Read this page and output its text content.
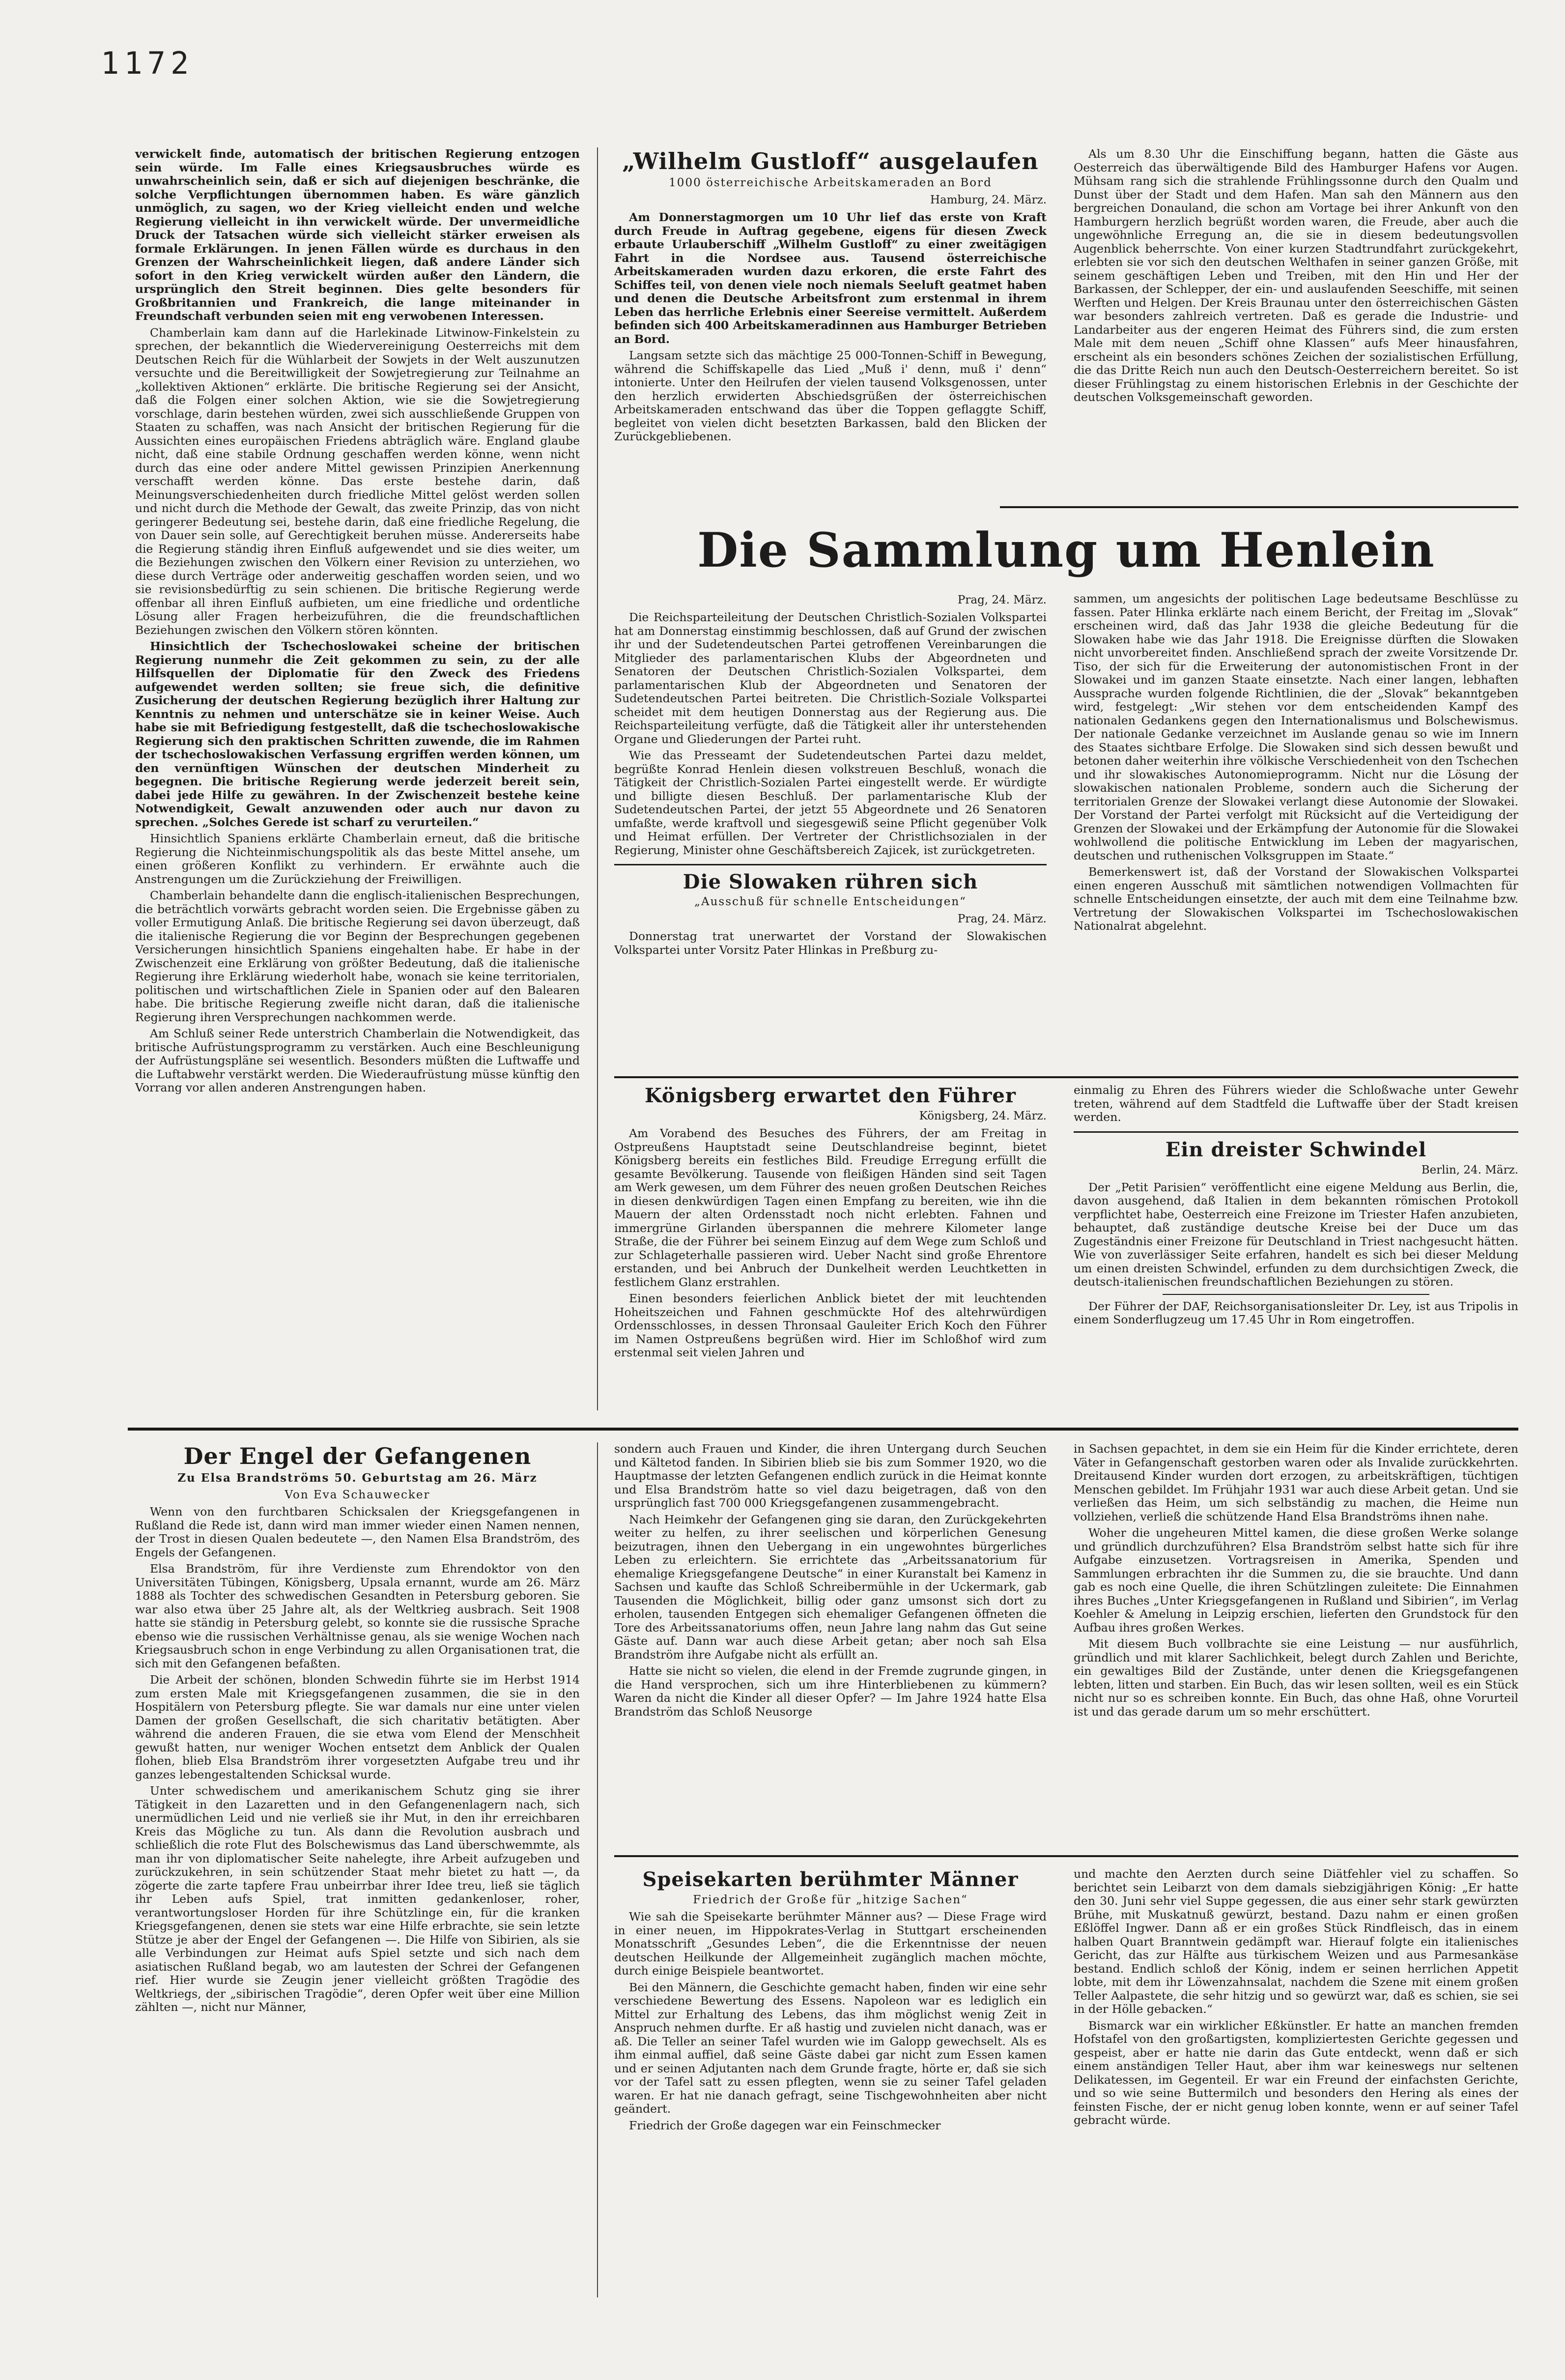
1172

verwickelt finde, automatisch der britischen Regierung entzogen sein würde. Im Falle eines Kriegsausbruches würde es unwahrscheinlich sein, daß er sich auf diejenigen beschränke, die solche Verpflichtungen übernommen haben. Es wäre gänzlich unmöglich, zu sagen, wo der Krieg vielleicht enden und welche Regierung vielleicht in ihn verwickelt würde. Der unvermeidliche Druck der Tatsachen würde sich vielleicht stärker erweisen als formale Erklärungen. In jenen Fällen würde es durchaus in den Grenzen der Wahrscheinlichkeit liegen, daß andere Länder sich sofort in den Krieg verwickelt würden außer den Ländern, die ursprünglich den Streit beginnen. Dies gelte besonders für Großbritannien und Frankreich, die lange miteinander in Freundschaft verbunden seien mit eng verwobenen Interessen.

Chamberlain kam dann auf die Harlekinade Litwinow-Finkelstein zu sprechen, der bekanntlich die Wiedervereinigung Oesterreichs mit dem Deutschen Reich für die Wühlarbeit der Sowjets in der Welt auszunutzen versuchte und die Bereitwilligkeit der Sowjetregierung zur Teilnahme an „kollektiven Aktionen“ erklärte. Die britische Regierung sei der Ansicht, daß die Folgen einer solchen Aktion, wie sie die Sowjetregierung vorschlage, darin bestehen würden, zwei sich ausschließende Gruppen von Staaten zu schaffen, was nach Ansicht der britischen Regierung für die Aussichten eines europäischen Friedens abträglich wäre. England glaube nicht, daß eine stabile Ordnung geschaffen werden könne, wenn nicht durch das eine oder andere Mittel gewissen Prinzipien Anerkennung verschafft werden könne. Das erste bestehe darin, daß Meinungsverschiedenheiten durch friedliche Mittel gelöst werden sollen und nicht durch die Methode der Gewalt, das zweite Prinzip, das von nicht geringerer Bedeutung sei, bestehe darin, daß eine friedliche Regelung, die von Dauer sein solle, auf Gerechtigkeit beruhen müsse. Andererseits habe die Regierung ständig ihren Einfluß aufgewendet und sie dies weiter, um die Beziehungen zwischen den Völkern einer Revision zu unterziehen, wo diese durch Verträge oder anderweitig geschaffen worden seien, und wo sie revisionsbedürftig zu sein schienen. Die britische Regierung werde offenbar all ihren Einfluß aufbieten, um eine friedliche und ordentliche Lösung aller Fragen herbeizuführen, die die freundschaftlichen Beziehungen zwischen den Völkern stören könnten.

Hinsichtlich der Tschechoslowakei scheine der britischen Regierung nunmehr die Zeit gekommen zu sein, zu der alle Hilfsquellen der Diplomatie für den Zweck des Friedens aufgewendet werden sollten; sie freue sich, die definitive Zusicherung der deutschen Regierung bezüglich ihrer Haltung zur Kenntnis zu nehmen und unterschätze sie in keiner Weise. Auch habe sie mit Befriedigung festgestellt, daß die tschechoslowakische Regierung sich den praktischen Schritten zuwende, die im Rahmen der tschechoslowakischen Verfassung ergriffen werden können, um den vernünftigen Wünschen der deutschen Minderheit zu begegnen. Die britische Regierung werde jederzeit bereit sein, dabei jede Hilfe zu gewähren. In der Zwischenzeit bestehe keine Notwendigkeit, Gewalt anzuwenden oder auch nur davon zu sprechen. „Solches Gerede ist scharf zu verurteilen.“

Hinsichtlich Spaniens erklärte Chamberlain erneut, daß die britische Regierung die Nichteinmischungspolitik als das beste Mittel ansehe, um einen größeren Konflikt zu verhindern. Er erwähnte auch die Anstrengungen um die Zurückziehung der Freiwilligen.

Chamberlain behandelte dann die englisch-italienischen Besprechungen, die beträchtlich vorwärts gebracht worden seien. Die Ergebnisse gäben zu voller Ermutigung Anlaß. Die britische Regierung sei davon überzeugt, daß die italienische Regierung die vor Beginn der Besprechungen gegebenen Versicherungen hinsichtlich Spaniens eingehalten habe. Er habe in der Zwischenzeit eine Erklärung von größter Bedeutung, daß die italienische Regierung ihre Erklärung wiederholt habe, wonach sie keine territorialen, politischen und wirtschaftlichen Ziele in Spanien oder auf den Balearen habe. Die britische Regierung zweifle nicht daran, daß die italienische Regierung ihren Versprechungen nachkommen werde.

Am Schluß seiner Rede unterstrich Chamberlain die Notwendigkeit, das britische Aufrüstungsprogramm zu verstärken. Auch eine Beschleunigung der Aufrüstungspläne sei wesentlich. Besonders müßten die Luftwaffe und die Luftabwehr verstärkt werden. Die Wiederaufrüstung müsse künftig den Vorrang vor allen anderen Anstrengungen haben.

„Wilhelm Gustloff“ ausgelaufen
1000 österreichische Arbeitskameraden an Bord
Hamburg, 24. März.

Am Donnerstagmorgen um 10 Uhr lief das erste von Kraft durch Freude in Auftrag gegebene, eigens für diesen Zweck erbaute Urlauberschiff „Wilhelm Gustloff“ zu einer zweitägigen Fahrt in die Nordsee aus. Tausend österreichische Arbeitskameraden wurden dazu erkoren, die erste Fahrt des Schiffes teil, von denen viele noch niemals Seeluft geatmet haben und denen die Deutsche Arbeitsfront zum erstenmal in ihrem Leben das herrliche Erlebnis einer Seereise vermittelt. Außerdem befinden sich 400 Arbeitskameradinnen aus Hamburger Betrieben an Bord.

Langsam setzte sich das mächtige 25 000-Tonnen-Schiff in Bewegung, während die Schiffskapelle das Lied „Muß i' denn, muß i' denn“ intonierte. Unter den Heilrufen der vielen tausend Volksgenossen, unter den herzlich erwiderten Abschiedsgrüßen der österreichischen Arbeitskameraden entschwand das über die Toppen geflaggte Schiff, begleitet von vielen dicht besetzten Barkassen, bald den Blicken der Zurückgebliebenen.

Als um 8.30 Uhr die Einschiffung begann, hatten die Gäste aus Oesterreich das überwältigende Bild des Hamburger Hafens vor Augen. Mühsam rang sich die strahlende Frühlingssonne durch den Qualm und Dunst über der Stadt und dem Hafen. Man sah den Männern aus den bergreichen Donauland, die schon am Vortage bei ihrer Ankunft von den Hamburgern herzlich begrüßt worden waren, die Freude, aber auch die ungewöhnliche Erregung an, die sie in diesem bedeutungsvollen Augenblick beherrschte. Von einer kurzen Stadtrundfahrt zurückgekehrt, erlebten sie vor sich den deutschen Welthafen in seiner ganzen Größe, mit seinem geschäftigen Leben und Treiben, mit den Hin und Her der Barkassen, der Schlepper, der ein- und auslaufenden Seeschiffe, mit seinen Werften und Helgen. Der Kreis Braunau unter den österreichischen Gästen war besonders zahlreich vertreten. Daß es gerade die Industrie- und Landarbeiter aus der engeren Heimat des Führers sind, die zum ersten Male mit dem neuen „Schiff ohne Klassen“ aufs Meer hinausfahren, erscheint als ein besonders schönes Zeichen der sozialistischen Erfüllung, die das Dritte Reich nun auch den Deutsch-Oesterreichern bereitet. So ist dieser Frühlingstag zu einem historischen Erlebnis in der Geschichte der deutschen Volksgemeinschaft geworden.

Die Sammlung um Henlein
Prag, 24. März.

Die Reichsparteileitung der Deutschen Christlich-Sozialen Volkspartei hat am Donnerstag einstimmig beschlossen, daß auf Grund der zwischen ihr und der Sudetendeutschen Partei getroffenen Vereinbarungen die Mitglieder des parlamentarischen Klubs der Abgeordneten und Senatoren der Deutschen Christlich-Sozialen Volkspartei, dem parlamentarischen Klub der Abgeordneten und Senatoren der Sudetendeutschen Partei beitreten. Die Christlich-Soziale Volkspartei scheidet mit dem heutigen Donnerstag aus der Regierung aus. Die Reichsparteileitung verfügte, daß die Tätigkeit aller ihr unterstehenden Organe und Gliederungen der Partei ruht.

Wie das Presseamt der Sudetendeutschen Partei dazu meldet, begrüßte Konrad Henlein diesen volkstreuen Beschluß, wonach die Tätigkeit der Christlich-Sozialen Partei eingestellt werde. Er würdigte und billigte diesen Beschluß. Der parlamentarische Klub der Sudetendeutschen Partei, der jetzt 55 Abgeordnete und 26 Senatoren umfaßte, werde kraftvoll und siegesgewiß seine Pflicht gegenüber Volk und Heimat erfüllen. Der Vertreter der Christlichsozialen in der Regierung, Minister ohne Geschäftsbereich Zajicek, ist zurückgetreten.

Die Slowaken rühren sich
„Ausschuß für schnelle Entscheidungen“
Prag, 24. März.

Donnerstag trat unerwartet der Vorstand der Slowakischen Volkspartei unter Vorsitz Pater Hlinkas in Preßburg zu-

sammen, um angesichts der politischen Lage bedeutsame Beschlüsse zu fassen. Pater Hlinka erklärte nach einem Bericht, der Freitag im „Slovak“ erscheinen wird, daß das Jahr 1938 die gleiche Bedeutung für die Slowaken habe wie das Jahr 1918. Die Ereignisse dürften die Slowaken nicht unvorbereitet finden. Anschließend sprach der zweite Vorsitzende Dr. Tiso, der sich für die Erweiterung der autonomistischen Front in der Slowakei und im ganzen Staate einsetzte. Nach einer langen, lebhaften Aussprache wurden folgende Richtlinien, die der „Slovak“ bekanntgeben wird, festgelegt: „Wir stehen vor dem entscheidenden Kampf des nationalen Gedankens gegen den Internationalismus und Bolschewismus. Der nationale Gedanke verzeichnet im Auslande genau so wie im Innern des Staates sichtbare Erfolge. Die Slowaken sind sich dessen bewußt und betonen daher weiterhin ihre völkische Verschiedenheit von den Tschechen und ihr slowakisches Autonomieprogramm. Nicht nur die Lösung der slowakischen nationalen Probleme, sondern auch die Sicherung der territorialen Grenze der Slowakei verlangt diese Autonomie der Slowakei. Der Vorstand der Partei verfolgt mit Rücksicht auf die Verteidigung der Grenzen der Slowakei und der Erkämpfung der Autonomie für die Slowakei wohlwollend die politische Entwicklung im Leben der magyarischen, deutschen und ruthenischen Volksgruppen im Staate.“

Bemerkenswert ist, daß der Vorstand der Slowakischen Volkspartei einen engeren Ausschuß mit sämtlichen notwendigen Vollmachten für schnelle Entscheidungen einsetzte, der auch mit dem eine Teilnahme bzw. Vertretung der Slowakischen Volkspartei im Tschechoslowakischen Nationalrat abgelehnt.

Königsberg erwartet den Führer
Königsberg, 24. März.

Am Vorabend des Besuches des Führers, der am Freitag in Ostpreußens Hauptstadt seine Deutschlandreise beginnt, bietet Königsberg bereits ein festliches Bild. Freudige Erregung erfüllt die gesamte Bevölkerung. Tausende von fleißigen Händen sind seit Tagen am Werk gewesen, um dem Führer des neuen großen Deutschen Reiches in diesen denkwürdigen Tagen einen Empfang zu bereiten, wie ihn die Mauern der alten Ordensstadt noch nicht erlebten. Fahnen und immergrüne Girlanden überspannen die mehrere Kilometer lange Straße, die der Führer bei seinem Einzug auf dem Wege zum Schloß und zur Schlageterhalle passieren wird. Ueber Nacht sind große Ehrentore erstanden, und bei Anbruch der Dunkelheit werden Leuchtketten in festlichem Glanz erstrahlen.

Einen besonders feierlichen Anblick bietet der mit leuchtenden Hoheitszeichen und Fahnen geschmückte Hof des altehrwürdigen Ordensschlosses, in dessen Thronsaal Gauleiter Erich Koch den Führer im Namen Ostpreußens begrüßen wird. Hier im Schloßhof wird zum erstenmal seit vielen Jahren und

einmalig zu Ehren des Führers wieder die Schloßwache unter Gewehr treten, während auf dem Stadtfeld die Luftwaffe über der Stadt kreisen werden.

Ein dreister Schwindel
Berlin, 24. März.

Der „Petit Parisien“ veröffentlicht eine eigene Meldung aus Berlin, die, davon ausgehend, daß Italien in dem bekannten römischen Protokoll verpflichtet habe, Oesterreich eine Freizone im Triester Hafen anzubieten, behauptet, daß zuständige deutsche Kreise bei der Duce um das Zugeständnis einer Freizone für Deutschland in Triest nachgesucht hätten. Wie von zuverlässiger Seite erfahren, handelt es sich bei dieser Meldung um einen dreisten Schwindel, erfunden zu dem durchsichtigen Zweck, die deutsch-italienischen freundschaftlichen Beziehungen zu stören.

Der Führer der DAF, Reichsorganisationsleiter Dr. Ley, ist aus Tripolis in einem Sonderflugzeug um 17.45 Uhr in Rom eingetroffen.

Der Engel der Gefangenen
Zu Elsa Brandströms 50. Geburtstag am 26. März
Von Eva Schauwecker

Wenn von den furchtbaren Schicksalen der Kriegsgefangenen in Rußland die Rede ist, dann wird man immer wieder einen Namen nennen, der Trost in diesen Qualen bedeutete —, den Namen Elsa Brandström, des Engels der Gefangenen.

Elsa Brandström, für ihre Verdienste zum Ehrendoktor von den Universitäten Tübingen, Königsberg, Upsala ernannt, wurde am 26. März 1888 als Tochter des schwedischen Gesandten in Petersburg geboren. Sie war also etwa über 25 Jahre alt, als der Weltkrieg ausbrach. Seit 1908 hatte sie ständig in Petersburg gelebt, so konnte sie die russische Sprache ebenso wie die russischen Verhältnisse genau, als sie wenige Wochen nach Kriegsausbruch schon in enge Verbindung zu allen Organisationen trat, die sich mit den Gefangenen befaßten.

Die Arbeit der schönen, blonden Schwedin führte sie im Herbst 1914 zum ersten Male mit Kriegsgefangenen zusammen, die sie in den Hospitälern von Petersburg pflegte. Sie war damals nur eine unter vielen Damen der großen Gesellschaft, die sich charitativ betätigten. Aber während die anderen Frauen, die sie etwa vom Elend der Menschheit gewußt hatten, nur weniger Wochen entsetzt dem Anblick der Qualen flohen, blieb Elsa Brandström ihrer vorgesetzten Aufgabe treu und ihr ganzes lebengestaltenden Schicksal wurde.

Unter schwedischem und amerikanischem Schutz ging sie ihrer Tätigkeit in den Lazaretten und in den Gefangenenlagern nach, sich unermüdlichen Leid und nie verließ sie ihr Mut, in den ihr erreichbaren Kreis das Mögliche zu tun. Als dann die Revolution ausbrach und schließlich die rote Flut des Bolschewismus das Land überschwemmte, als man ihr von diplomatischer Seite nahelegte, ihre Arbeit aufzugeben und zurückzukehren, in sein schützender Staat mehr bietet zu hatt —, da zögerte die zarte tapfere Frau unbeirrbar ihrer Idee treu, ließ sie täglich ihr Leben aufs Spiel, trat inmitten gedankenloser, roher, verantwortungsloser Horden für ihre Schützlinge ein, für die kranken Kriegsgefangenen, denen sie stets war eine Hilfe erbrachte, sie sein letzte Stütze je aber der Engel der Gefangenen —. Die Hilfe von Sibirien, als sie alle Verbindungen zur Heimat aufs Spiel setzte und sich nach dem asiatischen Rußland begab, wo am lautesten der Schrei der Gefangenen rief. Hier wurde sie Zeugin jener vielleicht größten Tragödie des Weltkriegs, der „sibirischen Tragödie“, deren Opfer weit über eine Million zählten —, nicht nur Männer,

sondern auch Frauen und Kinder, die ihren Untergang durch Seuchen und Kältetod fanden. In Sibirien blieb sie bis zum Sommer 1920, wo die Hauptmasse der letzten Gefangenen endlich zurück in die Heimat konnte und Elsa Brandström hatte so viel dazu beigetragen, daß von den ursprünglich fast 700 000 Kriegsgefangenen zusammengebracht.

Nach Heimkehr der Gefangenen ging sie daran, den Zurückgekehrten weiter zu helfen, zu ihrer seelischen und körperlichen Genesung beizutragen, ihnen den Uebergang in ein ungewohntes bürgerliches Leben zu erleichtern. Sie errichtete das „Arbeitssanatorium für ehemalige Kriegsgefangene Deutsche“ in einer Kuranstalt bei Kamenz in Sachsen und kaufte das Schloß Schreibermühle in der Uckermark, gab Tausenden die Möglichkeit, billig oder ganz umsonst sich dort zu erholen, tausenden Entgegen sich ehemaliger Gefangenen öffneten die Tore des Arbeitssanatoriums offen, neun Jahre lang nahm das Gut seine Gäste auf. Dann war auch diese Arbeit getan; aber noch sah Elsa Brandström ihre Aufgabe nicht als erfüllt an.

Hatte sie nicht so vielen, die elend in der Fremde zugrunde gingen, in die Hand versprochen, sich um ihre Hinterbliebenen zu kümmern? Waren da nicht die Kinder all dieser Opfer? — Im Jahre 1924 hatte Elsa Brandström das Schloß Neusorge

in Sachsen gepachtet, in dem sie ein Heim für die Kinder errichtete, deren Väter in Gefangenschaft gestorben waren oder als Invalide zurückkehrten. Dreitausend Kinder wurden dort erzogen, zu arbeitskräftigen, tüchtigen Menschen gebildet. Im Frühjahr 1931 war auch diese Arbeit getan. Und sie verließen das Heim, um sich selbständig zu machen, die Heime nun vollziehen, verließ die schützende Hand Elsa Brandströms ihnen nahe.

Woher die ungeheuren Mittel kamen, die diese großen Werke solange und gründlich durchzuführen? Elsa Brandström selbst hatte sich für ihre Aufgabe einzusetzen. Vortragsreisen in Amerika, Spenden und Sammlungen erbrachten ihr die Summen zu, die sie brauchte. Und dann gab es noch eine Quelle, die ihren Schützlingen zuleitete: Die Einnahmen ihres Buches „Unter Kriegsgefangenen in Rußland und Sibirien“, im Verlag Koehler & Amelung in Leipzig erschien, lieferten den Grundstock für den Aufbau ihres großen Werkes.

Mit diesem Buch vollbrachte sie eine Leistung — nur ausführlich, gründlich und mit klarer Sachlichkeit, belegt durch Zahlen und Berichte, ein gewaltiges Bild der Zustände, unter denen die Kriegsgefangenen lebten, litten und starben. Ein Buch, das wir lesen sollten, weil es ein Stück nicht nur so es schreiben konnte. Ein Buch, das ohne Haß, ohne Vorurteil ist und das gerade darum um so mehr erschüttert.

Speisekarten berühmter Männer
Friedrich der Große für „hitzige Sachen“

Wie sah die Speisekarte berühmter Männer aus? — Diese Frage wird in einer neuen, im Hippokrates-Verlag in Stuttgart erscheinenden Monatsschrift „Gesundes Leben“, die die Erkenntnisse der neuen deutschen Heilkunde der Allgemeinheit zugänglich machen möchte, durch einige Beispiele beantwortet.

Bei den Männern, die Geschichte gemacht haben, finden wir eine sehr verschiedene Bewertung des Essens. Napoleon war es lediglich ein Mittel zur Erhaltung des Lebens, das ihm möglichst wenig Zeit in Anspruch nehmen durfte. Er aß hastig und zuvielen nicht danach, was er aß. Die Teller an seiner Tafel wurden wie im Galopp gewechselt. Als es ihm einmal auffiel, daß seine Gäste dabei gar nicht zum Essen kamen und er seinen Adjutanten nach dem Grunde fragte, hörte er, daß sie sich vor der Tafel satt zu essen pflegten, wenn sie zu seiner Tafel geladen waren. Er hat nie danach gefragt, seine Tischgewohnheiten aber nicht geändert.

Friedrich der Große dagegen war ein Feinschmecker

und machte den Aerzten durch seine Diätfehler viel zu schaffen. So berichtet sein Leibarzt von dem damals siebzigjährigen König: „Er hatte den 30. Juni sehr viel Suppe gegessen, die aus einer sehr stark gewürzten Brühe, mit Muskatnuß gewürzt, bestand. Dazu nahm er einen großen Eßlöffel Ingwer. Dann aß er ein großes Stück Rindfleisch, das in einem halben Quart Branntwein gedämpft war. Hierauf folgte ein italienisches Gericht, das zur Hälfte aus türkischem Weizen und aus Parmesankäse bestand. Endlich schloß der König, indem er seinen herrlichen Appetit lobte, mit dem ihr Löwenzahnsalat, nachdem die Szene mit einem großen Teller Aalpastete, die sehr hitzig und so gewürzt war, daß es schien, sie sei in der Hölle gebacken.“

Bismarck war ein wirklicher Eßkünstler. Er hatte an manchen fremden Hofstafel von den großartigsten, kompliziertesten Gerichte gegessen und gespeist, aber er hatte nie darin das Gute entdeckt, wenn daß er sich einem anständigen Teller Haut, aber ihm war keineswegs nur seltenen Delikatessen, im Gegenteil. Er war ein Freund der einfachsten Gerichte, und so wie seine Buttermilch und besonders den Hering als eines der feinsten Fische, der er nicht genug loben konnte, wenn er auf seiner Tafel gebracht würde.
